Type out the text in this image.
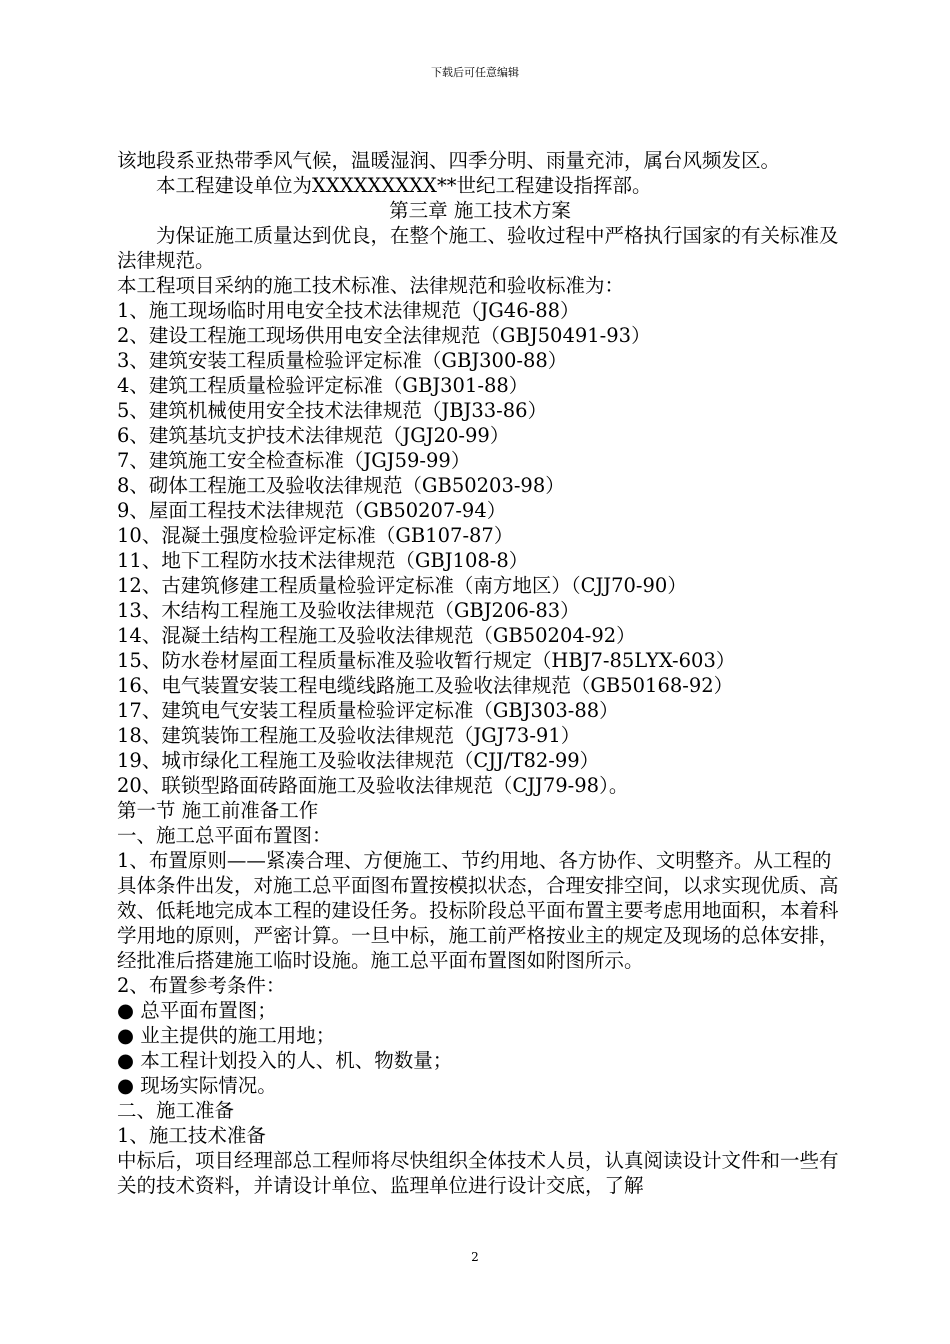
下载后可任意编辑

该地段系亚热带季风气候，温暖湿润、四季分明、雨量充沛，属台风频发区。

本工程建设单位为XXXXXXXXX**世纪工程建设指挥部。

第三章 施工技术方案

为保证施工质量达到优良，在整个施工、验收过程中严格执行国家的有关标准及法律规范。

本工程项目采纳的施工技术标准、法律规范和验收标准为：

1、施工现场临时用电安全技术法律规范（JG46-88）

2、建设工程施工现场供用电安全法律规范（GBJ50491-93）

3、建筑安装工程质量检验评定标准（GBJ300-88）

4、建筑工程质量检验评定标准（GBJ301-88）

5、建筑机械使用安全技术法律规范（JBJ33-86）

6、建筑基坑支护技术法律规范（JGJ20-99）

7、建筑施工安全检查标准（JGJ59-99）

8、砌体工程施工及验收法律规范（GB50203-98）

9、屋面工程技术法律规范（GB50207-94）

10、混凝土强度检验评定标准（GB107-87）

11、地下工程防水技术法律规范（GBJ108-8）

12、古建筑修建工程质量检验评定标准（南方地区）（CJJ70-90）

13、木结构工程施工及验收法律规范（GBJ206-83）

14、混凝土结构工程施工及验收法律规范（GB50204-92）

15、防水卷材屋面工程质量标准及验收暂行规定（HBJ7-85LYX-603）

16、电气装置安装工程电缆线路施工及验收法律规范（GB50168-92）

17、建筑电气安装工程质量检验评定标准（GBJ303-88）

18、建筑装饰工程施工及验收法律规范（JGJ73-91）

19、城市绿化工程施工及验收法律规范（CJJ/T82-99）

20、联锁型路面砖路面施工及验收法律规范（CJJ79-98）。

第一节 施工前准备工作

一、施工总平面布置图：

1、布置原则——紧凑合理、方便施工、节约用地、各方协作、文明整齐。从工程的具体条件出发，对施工总平面图布置按模拟状态，合理安排空间，以求实现优质、高效、低耗地完成本工程的建设任务。投标阶段总平面布置主要考虑用地面积，本着科学用地的原则，严密计算。一旦中标，施工前严格按业主的规定及现场的总体安排，经批准后搭建施工临时设施。施工总平面布置图如附图所示。

2、布置参考条件：

● 总平面布置图；

● 业主提供的施工用地；

● 本工程计划投入的人、机、物数量；

● 现场实际情况。

二、施工准备

1、施工技术准备

中标后，项目经理部总工程师将尽快组织全体技术人员，认真阅读设计文件和一些有关的技术资料，并请设计单位、监理单位进行设计交底，了解

2
